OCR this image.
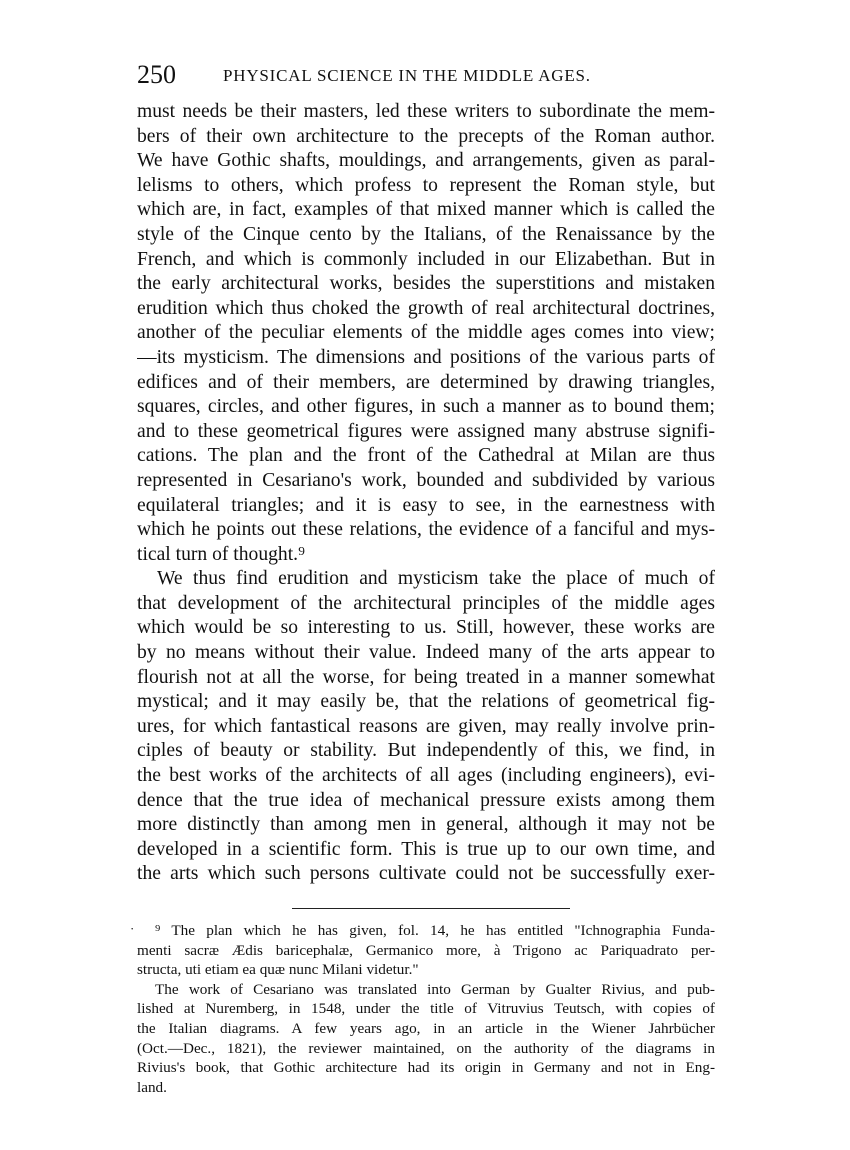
250	PHYSICAL SCIENCE IN THE MIDDLE AGES.
must needs be their masters, led these writers to subordinate the mem-
bers of their own architecture to the precepts of the Roman author.
We have Gothic shafts, mouldings, and arrangements, given as paral-
lelisms to others, which profess to represent the Roman style, but
which are, in fact, examples of that mixed manner which is called the
style of the Cinque cento by the Italians, of the Renaissance by the
French, and which is commonly included in our Elizabethan. But in
the early architectural works, besides the superstitions and mistaken
erudition which thus choked the growth of real architectural doctrines,
another of the peculiar elements of the middle ages comes into view;
—its mysticism. The dimensions and positions of the various parts of
edifices and of their members, are determined by drawing triangles,
squares, circles, and other figures, in such a manner as to bound them;
and to these geometrical figures were assigned many abstruse signifi-
cations. The plan and the front of the Cathedral at Milan are thus
represented in Cesariano's work, bounded and subdivided by various
equilateral triangles; and it is easy to see, in the earnestness with
which he points out these relations, the evidence of a fanciful and mys-
tical turn of thought.⁹
We thus find erudition and mysticism take the place of much of
that development of the architectural principles of the middle ages
which would be so interesting to us. Still, however, these works are
by no means without their value. Indeed many of the arts appear to
flourish not at all the worse, for being treated in a manner somewhat
mystical; and it may easily be, that the relations of geometrical fig-
ures, for which fantastical reasons are given, may really involve prin-
ciples of beauty or stability. But independently of this, we find, in
the best works of the architects of all ages (including engineers), evi-
dence that the true idea of mechanical pressure exists among them
more distinctly than among men in general, although it may not be
developed in a scientific form. This is true up to our own time, and
the arts which such persons cultivate could not be successfully exer-
·	⁹ The plan which he has given, fol. 14, he has entitled "Ichnographia Funda-
menti sacræ Ædis baricephalæ, Germanico more, à Trigono ac Pariquadrato per-
structa, uti etiam ea quæ nunc Milani videtur."
The work of Cesariano was translated into German by Gualter Rivius, and pub-
lished at Nuremberg, in 1548, under the title of Vitruvius Teutsch, with copies of
the Italian diagrams. A few years ago, in an article in the Wiener Jahrbücher
(Oct.—Dec., 1821), the reviewer maintained, on the authority of the diagrams in
Rivius's book, that Gothic architecture had its origin in Germany and not in Eng-
land.
